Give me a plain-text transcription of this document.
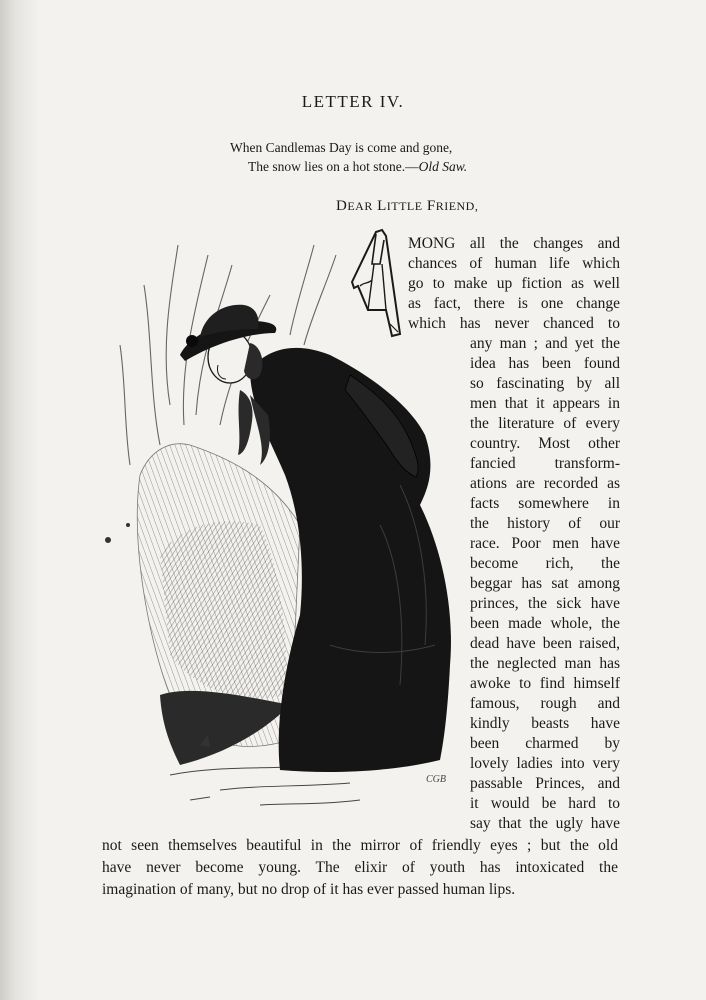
LETTER IV.
When Candlemas Day is come and gone,
The snow lies on a hot stone.—Old Saw.
DEAR LITTLE FRIEND,
CGB
MONG all the changes and
chances of human life which
go to make up fiction as well
as fact, there is one change
which has never chanced to
any man ; and yet the
idea has been found
so fascinating by all
men that it appears in
the literature of every
country. Most other
fancied transform-
ations are recorded as
facts somewhere in
the history of our
race. Poor men have
become rich, the
beggar has sat among
princes, the sick have
been made whole, the
dead have been raised,
the neglected man has
awoke to find himself
famous, rough and
kindly beasts have
been charmed by
lovely ladies into very
passable Princes, and
it would be hard to
say that the ugly have
not seen themselves beautiful in the mirror of friendly eyes ; but the old
have never become young. The elixir of youth has intoxicated the
imagination of many, but no drop of it has ever passed human lips.
